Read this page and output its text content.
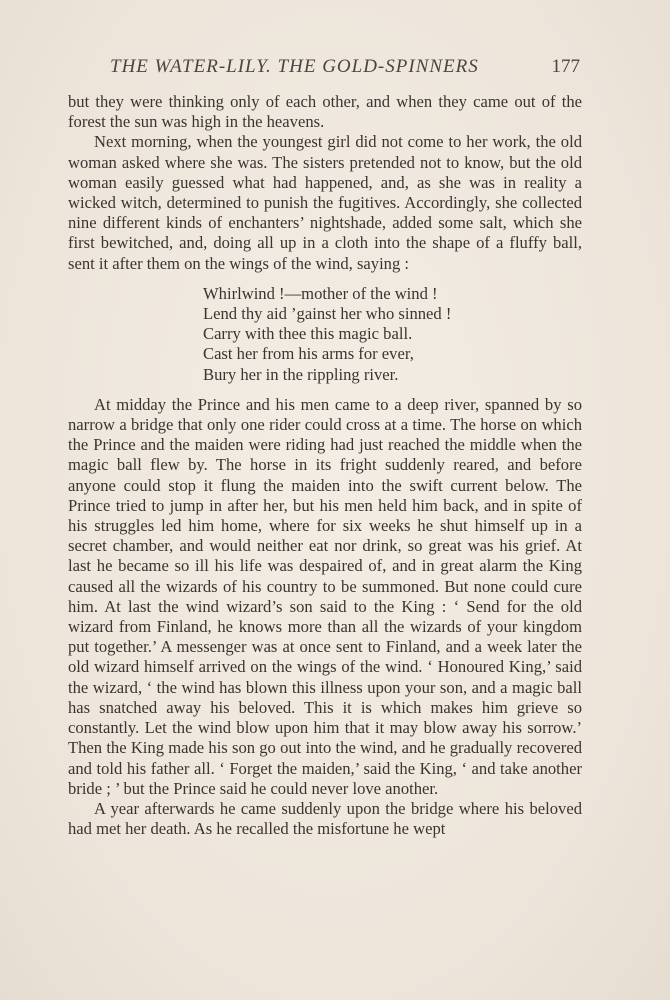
THE WATER-LILY. THE GOLD-SPINNERS	177

but they were thinking only of each other, and when they came out of the forest the sun was high in the heavens.

Next morning, when the youngest girl did not come to her work, the old woman asked where she was. The sisters pretended not to know, but the old woman easily guessed what had happened, and, as she was in reality a wicked witch, determined to punish the fugitives. Accordingly, she collected nine different kinds of enchanters’ nightshade, added some salt, which she first bewitched, and, doing all up in a cloth into the shape of a fluffy ball, sent it after them on the wings of the wind, saying :

Whirlwind !—mother of the wind !
Lend thy aid ’gainst her who sinned !
Carry with thee this magic ball.
Cast her from his arms for ever,
Bury her in the rippling river.

At midday the Prince and his men came to a deep river, spanned by so narrow a bridge that only one rider could cross at a time. The horse on which the Prince and the maiden were riding had just reached the middle when the magic ball flew by. The horse in its fright suddenly reared, and before anyone could stop it flung the maiden into the swift current below. The Prince tried to jump in after her, but his men held him back, and in spite of his struggles led him home, where for six weeks he shut himself up in a secret chamber, and would neither eat nor drink, so great was his grief. At last he became so ill his life was despaired of, and in great alarm the King caused all the wizards of his country to be summoned. But none could cure him. At last the wind wizard’s son said to the King : ‘ Send for the old wizard from Finland, he knows more than all the wizards of your kingdom put together.’ A messenger was at once sent to Finland, and a week later the old wizard himself arrived on the wings of the wind. ‘ Honoured King,’ said the wizard, ‘ the wind has blown this illness upon your son, and a magic ball has snatched away his beloved. This it is which makes him grieve so constantly. Let the wind blow upon him that it may blow away his sorrow.’ Then the King made his son go out into the wind, and he gradually recovered and told his father all. ‘ Forget the maiden,’ said the King, ‘ and take another bride ; ’ but the Prince said he could never love another.

A year afterwards he came suddenly upon the bridge where his beloved had met her death. As he recalled the misfortune he wept
